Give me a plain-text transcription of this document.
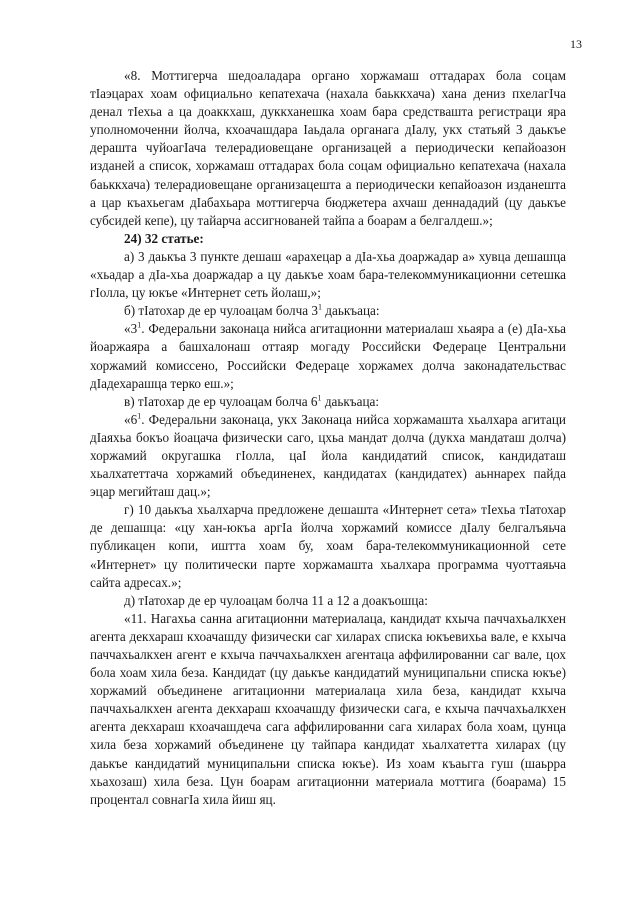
13

«8. Моттигерча шедоаладара органо хоржамаш оттадарах бола соцам тӀаэцарах хоам официально кепатехача (нахала баьккхача) хана дениз пхелагӀча денал тӀехьа а ца доаккхаш, дуккханешка хоам бара средствашта регистраци яра уполномоченни йолча, кхоачашдара Ӏаьдала органага дӀалу, укх статьяй 3 даькъе дерашта чуйоагӀача телерадиовещане организацей а периодически кепайоазон изданей а список, хоржамаш оттадарах бола соцам официально кепатехача (нахала баьккхача) телерадиовещане организацешта а периодически кепайоазон изданешта а цар къахьегам дӀабахьара моттигерча бюджетера ахчаш деннададий (цу даькъе субсидей кепе), цу тайарча ассигнованей тайпа а боарам а белгалдеш.»;

24) 32 статье:

а) 3 даькъа 3 пункте дешаш «арахецар а дӀа-хьа доаржадар а» хувца дешашца «хьадар а дӀа-хьа доаржадар а цу даькъе хоам бара-телекоммуникационни сетешка гӀолла, цу юкъе «Интернет сеть йолаш,»;

б) тӀатохар де ер чулоацам болча $3^1$ даькъаца:

«$3^1$. Федеральни законаца нийса агитационни материалаш хьаяра а (е) дӀа-хьа йоаржаяра а башхалонаш оттаяр могаду Российски Федераце Центральни хоржамий комиссено, Российски Федераце хоржамех долча законадательствас дӀадехарашца терко еш.»;

в) тӀатохар де ер чулоацам болча $6^1$ даькъаца:

«$6^1$. Федеральни законаца, укх Законаца нийса хоржамашта хьалхара агитаци дӀаяхьа бокъо йоацача физически саго, цхьа мандат долча (дукха мандаташ долча) хоржамий округашка гӀолла, цаӀ йола кандидатий список, кандидаташ хьалхатеттача хоржамий объединенех, кандидатах (кандидатех) аьннарех пайда эцар мегийташ дац.»;

г) 10 даькъа хьалхарча предложене дешашта «Интернет сета» тӀехьа тӀатохар де дешашца: «цу хан-юкъа аргӀа йолча хоржамий комиссе дӀалу белгалъяьча публикацен копи, иштта хоам бу, хоам бара-телекоммуникационной сете «Интернет» цу политически парте хоржамашта хьалхара программа чуоттаяьча сайта адресах.»;

д) тӀатохар де ер чулоацам болча 11 а 12 а доакъошца:

«11. Нагахьа санна агитационни материалаца, кандидат кхыча паччахьалкхен агента декхараш кхоачашду физически саг хиларах списка юкъевихьа вале, е кхыча паччахьалкхен агент е кхыча паччахьалкхен агентаца аффилированни саг вале, цох бола хоам хила беза. Кандидат (цу даькъе кандидатий муниципальни списка юкъе) хоржамий объединене агитационни материалаца хила беза, кандидат кхыча паччахьалкхен агента декхараш кхоачашду физически сага, е кхыча паччахьалкхен агента декхараш кхоачашдеча сага аффилированни сага хиларах бола хоам, цунца хила беза хоржамий объединене цу тайпара кандидат хьалхатетта хиларах (цу даькъе кандидатий муниципальни списка юкъе). Из хоам къаьгга гуш (шаьрра хьахозаш) хила беза. Цун боарам агитационни материала моттига (боарама) 15 процентал совнагӀа хила йиш яц.
